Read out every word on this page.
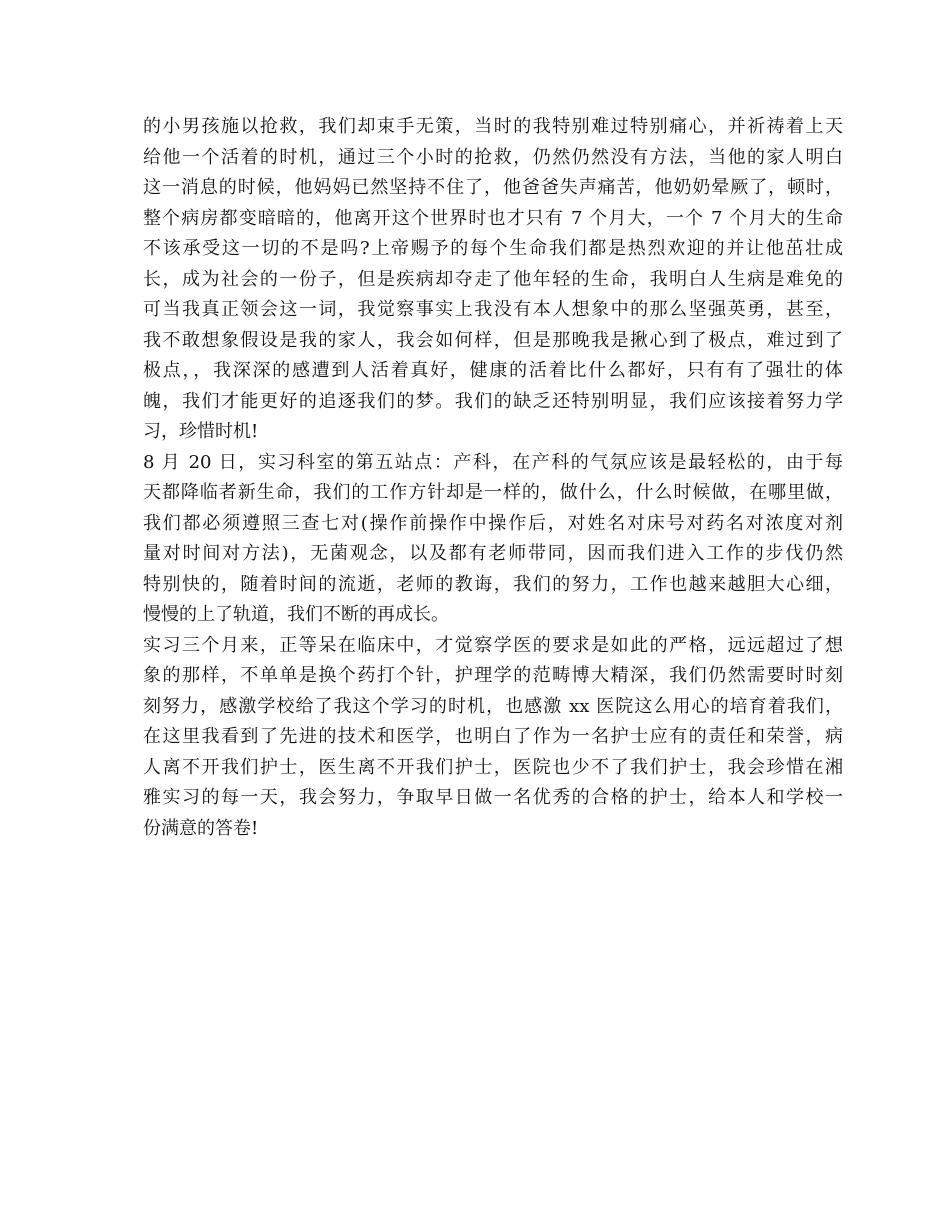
的小男孩施以抢救，我们却束手无策，当时的我特别难过特别痛心，并祈祷着上天
给他一个活着的时机，通过三个小时的抢救，仍然仍然没有方法，当他的家人明白
这一消息的时候，他妈妈已然坚持不住了，他爸爸失声痛苦，他奶奶晕厥了，顿时，
整个病房都变暗暗的，他离开这个世界时也才只有 7 个月大，一个 7 个月大的生命
不该承受这一切的不是吗?上帝赐予的每个生命我们都是热烈欢迎的并让他茁壮成
长，成为社会的一份子，但是疾病却夺走了他年轻的生命，我明白人生病是难免的
可当我真正领会这一词，我觉察事实上我没有本人想象中的那么坚强英勇，甚至，
我不敢想象假设是我的家人，我会如何样，但是那晚我是揪心到了极点，难过到了
极点，，我深深的感遭到人活着真好，健康的活着比什么都好，只有有了强壮的体
魄，我们才能更好的追逐我们的梦。我们的缺乏还特别明显，我们应该接着努力学
习，珍惜时机!
8 月 20 日，实习科室的第五站点：产科，在产科的气氛应该是最轻松的，由于每
天都降临者新生命，我们的工作方针却是一样的，做什么，什么时候做，在哪里做，
我们都必须遵照三查七对(操作前操作中操作后，对姓名对床号对药名对浓度对剂
量对时间对方法)，无菌观念，以及都有老师带同，因而我们进入工作的步伐仍然
特别快的，随着时间的流逝，老师的教诲，我们的努力，工作也越来越胆大心细，
慢慢的上了轨道，我们不断的再成长。
实习三个月来，正等呆在临床中，才觉察学医的要求是如此的严格，远远超过了想
象的那样，不单单是换个药打个针，护理学的范畴博大精深，我们仍然需要时时刻
刻努力，感激学校给了我这个学习的时机，也感激 xx 医院这么用心的培育着我们，
在这里我看到了先进的技术和医学，也明白了作为一名护士应有的责任和荣誉，病
人离不开我们护士，医生离不开我们护士，医院也少不了我们护士，我会珍惜在湘
雅实习的每一天，我会努力，争取早日做一名优秀的合格的护士，给本人和学校一
份满意的答卷!
